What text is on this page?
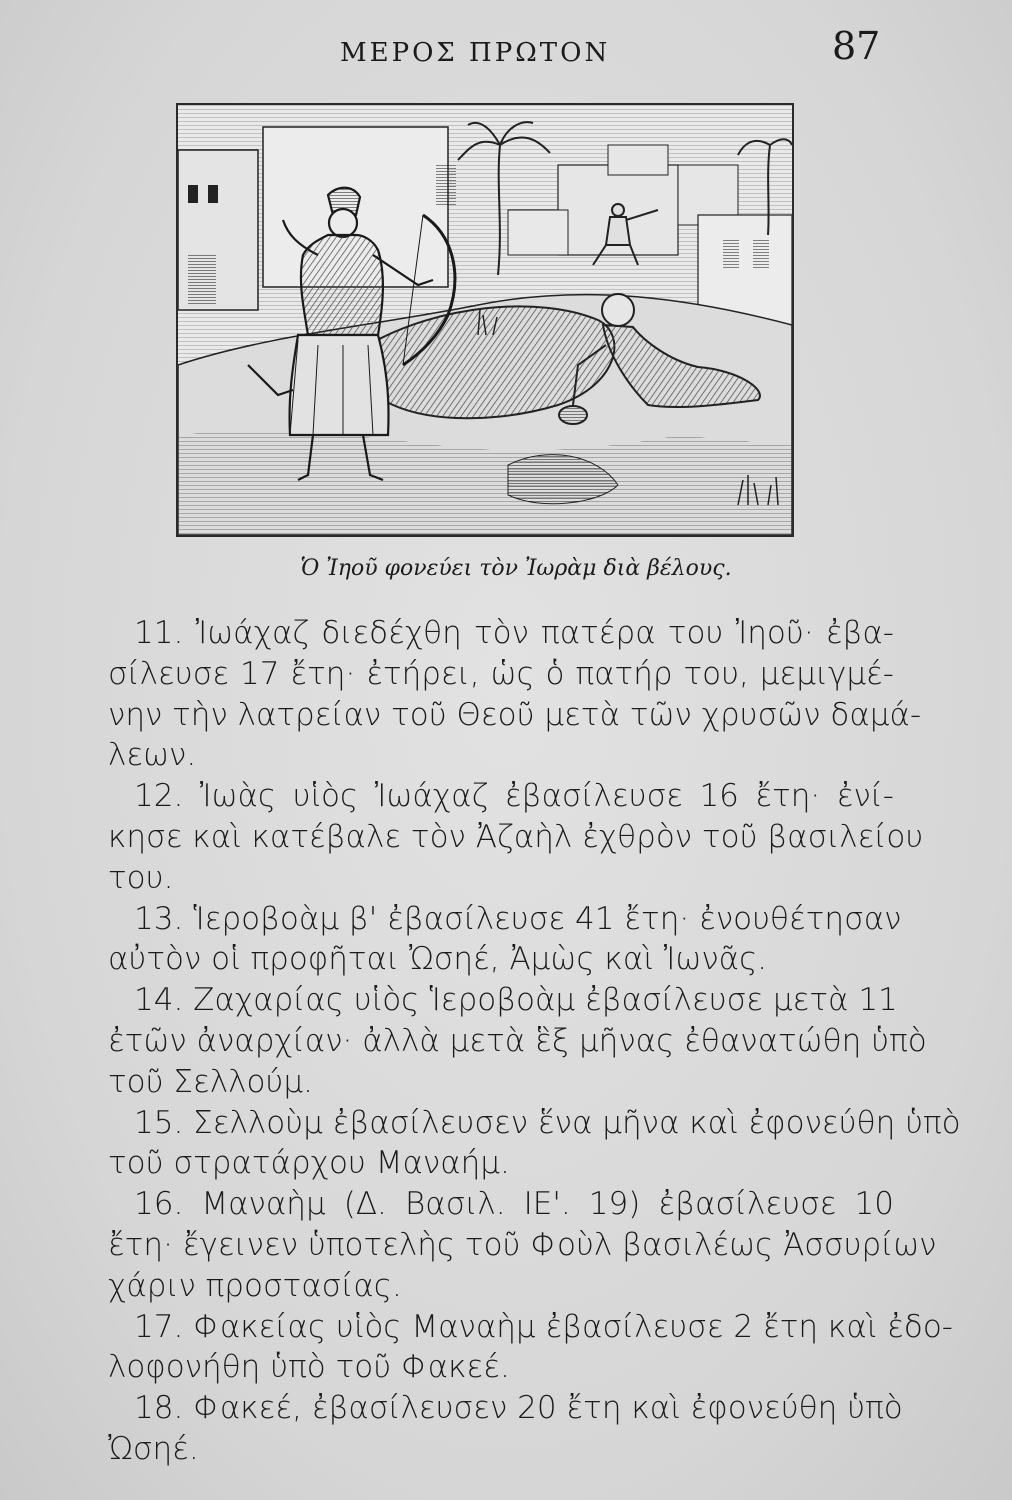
ΜΕΡΟΣ ΠΡΩΤΟΝ	87
Ὁ Ἰηοῦ φονεύει τὸν Ἰωρὰμ διὰ βέλους.
11. Ἰωάχαζ διεδέχθη τὸν πατέρα του Ἰηοῦ· ἐβα-
σίλευσε 17 ἔτη· ἐτήρει, ὡς ὁ πατήρ του, μεμιγμέ-
νην τὴν λατρείαν τοῦ Θεοῦ μετὰ τῶν χρυσῶν δαμά-
λεων.
12. Ἰωὰς υἱὸς Ἰωάχαζ ἐβασίλευσε 16 ἔτη· ἐνί-
κησε καὶ κατέβαλε τὸν Ἀζαὴλ ἐχθρὸν τοῦ βασιλείου
του.
13. Ἱεροβοὰμ β' ἐβασίλευσε 41 ἔτη· ἐνουθέτησαν
αὐτὸν οἱ προφῆται Ὠσηέ, Ἀμὼς καὶ Ἰωνᾶς.
14. Ζαχαρίας υἱὸς Ἱεροβοὰμ ἐβασίλευσε μετὰ 11
ἐτῶν ἀναρχίαν· ἀλλὰ μετὰ ἓξ μῆνας ἐθανατώθη ὑπὸ
τοῦ Σελλούμ.
15. Σελλοὺμ ἐβασίλευσεν ἕνα μῆνα καὶ ἐφονεύθη ὑπὸ
τοῦ στρατάρχου Μαναήμ.
16. Μαναὴμ (Δ. Βασιλ. ΙΕ'. 19) ἐβασίλευσε 10
ἔτη· ἔγεινεν ὑποτελὴς τοῦ Φοὺλ βασιλέως Ἀσσυρίων
χάριν προστασίας.
17. Φακείας υἱὸς Μαναὴμ ἐβασίλευσε 2 ἔτη καὶ ἐδο-
λοφονήθη ὑπὸ τοῦ Φακεέ.
18. Φακεέ, ἐβασίλευσεν 20 ἔτη καὶ ἐφονεύθη ὑπὸ
Ὠσηέ.
